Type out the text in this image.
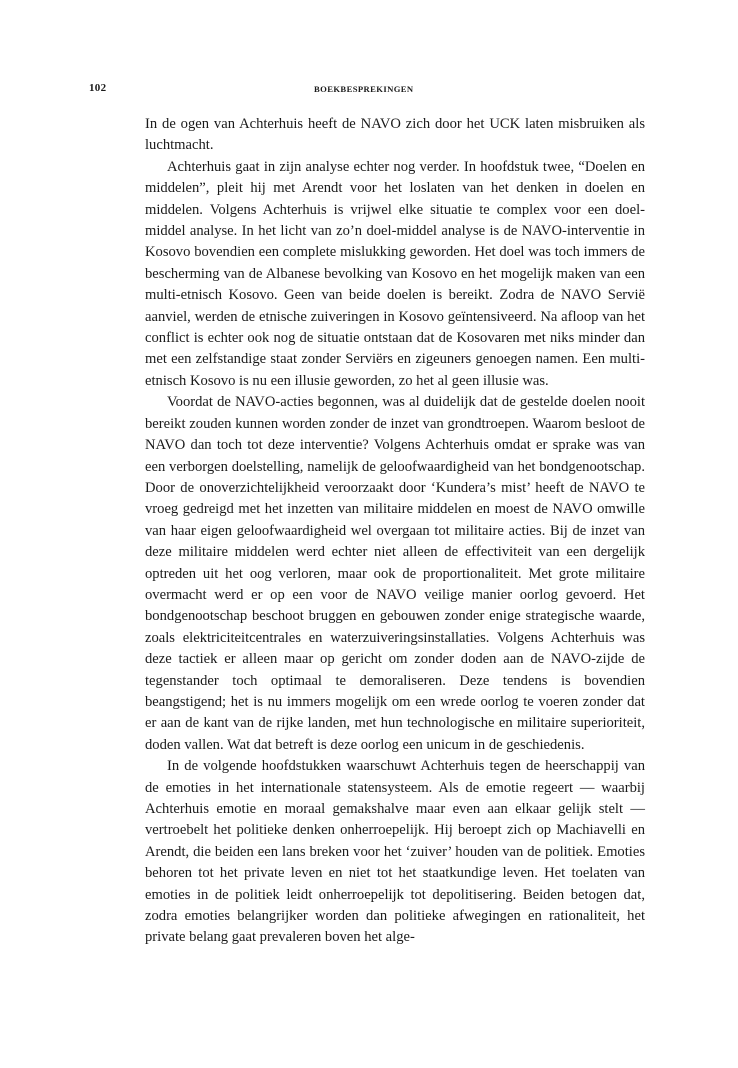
102	BOEKBESPREKINGEN

In de ogen van Achterhuis heeft de NAVO zich door het UCK laten misbruiken als luchtmacht.

Achterhuis gaat in zijn analyse echter nog verder. In hoofdstuk twee, “Doelen en middelen”, pleit hij met Arendt voor het loslaten van het denken in doelen en middelen. Volgens Achterhuis is vrijwel elke situatie te complex voor een doel-middel analyse. In het licht van zo’n doel-middel analyse is de NAVO-interventie in Kosovo bovendien een complete mislukking geworden. Het doel was toch immers de bescherming van de Albanese bevolking van Kosovo en het mogelijk maken van een multi-etnisch Kosovo. Geen van beide doelen is bereikt. Zodra de NAVO Servië aanviel, werden de etnische zuiveringen in Kosovo geïntensiveerd. Na afloop van het conflict is echter ook nog de situatie ontstaan dat de Kosovaren met niks minder dan met een zelfstandige staat zonder Serviërs en zigeuners genoegen namen. Een multi-etnisch Kosovo is nu een illusie geworden, zo het al geen illusie was.

Voordat de NAVO-acties begonnen, was al duidelijk dat de gestelde doelen nooit bereikt zouden kunnen worden zonder de inzet van grondtroepen. Waarom besloot de NAVO dan toch tot deze interventie? Volgens Achterhuis omdat er sprake was van een verborgen doelstelling, namelijk de geloofwaardigheid van het bondgenootschap. Door de onoverzichtelijkheid veroorzaakt door ‘Kundera’s mist’ heeft de NAVO te vroeg gedreigd met het inzetten van militaire middelen en moest de NAVO omwille van haar eigen geloofwaardigheid wel overgaan tot militaire acties. Bij de inzet van deze militaire middelen werd echter niet alleen de effectiviteit van een dergelijk optreden uit het oog verloren, maar ook de proportionaliteit. Met grote militaire overmacht werd er op een voor de NAVO veilige manier oorlog gevoerd. Het bondgenootschap beschoot bruggen en gebouwen zonder enige strategische waarde, zoals elektriciteitcentrales en waterzuiveringsinstallaties. Volgens Achterhuis was deze tactiek er alleen maar op gericht om zonder doden aan de NAVO-zijde de tegenstander toch optimaal te demoraliseren. Deze tendens is bovendien beangstigend; het is nu immers mogelijk om een wrede oorlog te voeren zonder dat er aan de kant van de rijke landen, met hun technologische en militaire superioriteit, doden vallen. Wat dat betreft is deze oorlog een unicum in de geschiedenis.

In de volgende hoofdstukken waarschuwt Achterhuis tegen de heerschappij van de emoties in het internationale statensysteem. Als de emotie regeert — waarbij Achterhuis emotie en moraal gemakshalve maar even aan elkaar gelijk stelt — vertroebelt het politieke denken onherroepelijk. Hij beroept zich op Machiavelli en Arendt, die beiden een lans breken voor het ‘zuiver’ houden van de politiek. Emoties behoren tot het private leven en niet tot het staatkundige leven. Het toelaten van emoties in de politiek leidt onherroepelijk tot depolitisering. Beiden betogen dat, zodra emoties belangrijker worden dan politieke afwegingen en rationaliteit, het private belang gaat prevaleren boven het alge-
